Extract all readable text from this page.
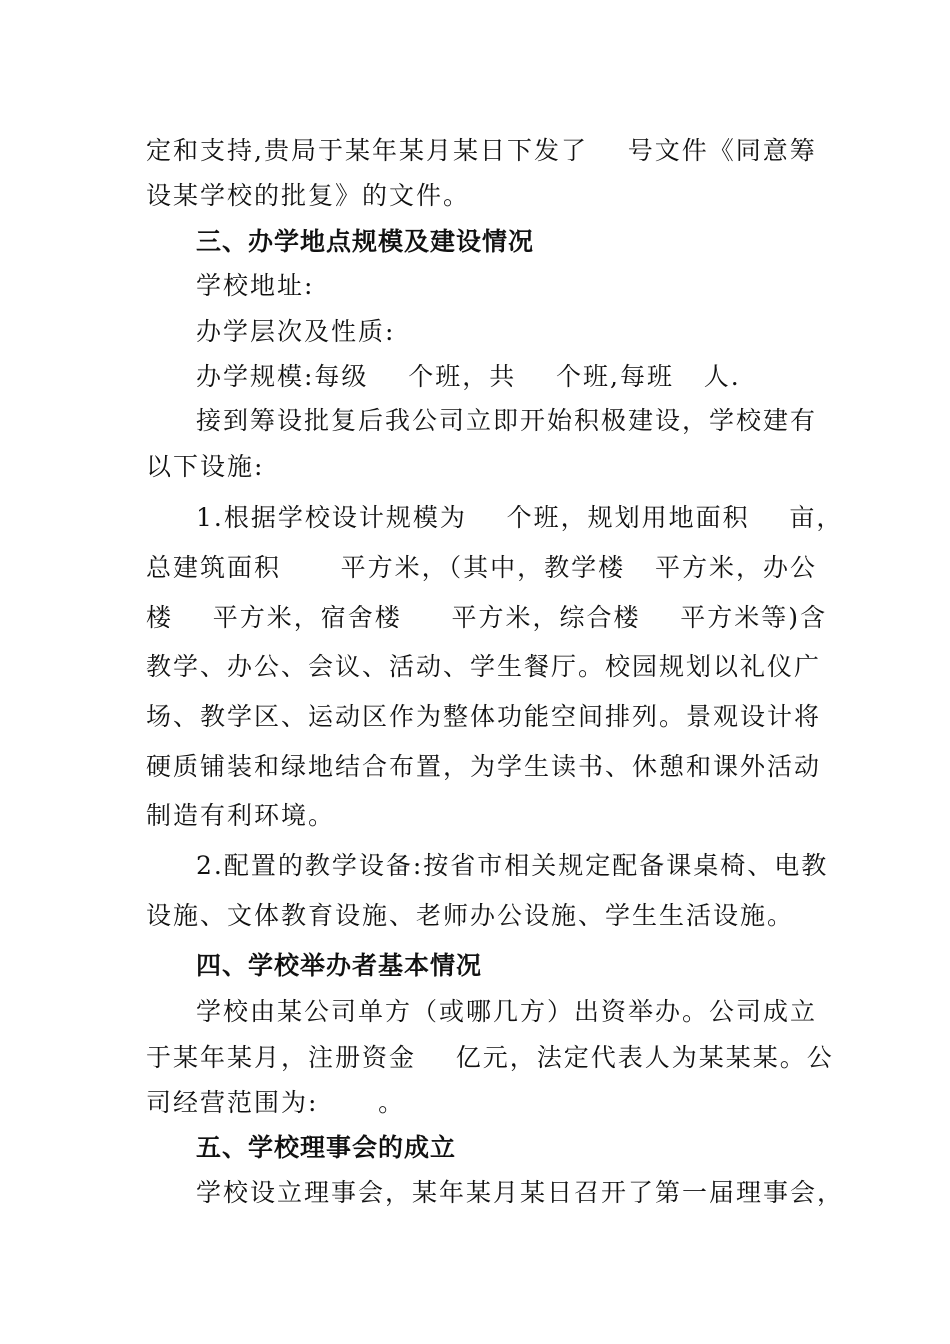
定和支持,贵局于某年某月某日下发了    号文件《同意筹
设某学校的批复》的文件。
三、办学地点规模及建设情况
学校地址:
办学层次及性质:
办学规模:每级    个班，共    个班,每班   人.
接到筹设批复后我公司立即开始积极建设，学校建有
以下设施:
1.根据学校设计规模为    个班，规划用地面积    亩，
总建筑面积      平方米，（其中，教学楼   平方米，办公
楼    平方米，宿舍楼     平方米，综合楼    平方米等)含
教学、办公、会议、活动、学生餐厅。校园规划以礼仪广
场、教学区、运动区作为整体功能空间排列。景观设计将
硬质铺装和绿地结合布置，为学生读书、休憩和课外活动
制造有利环境。
2.配置的教学设备:按省市相关规定配备课桌椅、电教
设施、文体教育设施、老师办公设施、学生生活设施。
四、学校举办者基本情况
学校由某公司单方（或哪几方）出资举办。公司成立
于某年某月，注册资金    亿元，法定代表人为某某某。公
司经营范围为:      。
五、学校理事会的成立
学校设立理事会，某年某月某日召开了第一届理事会，
